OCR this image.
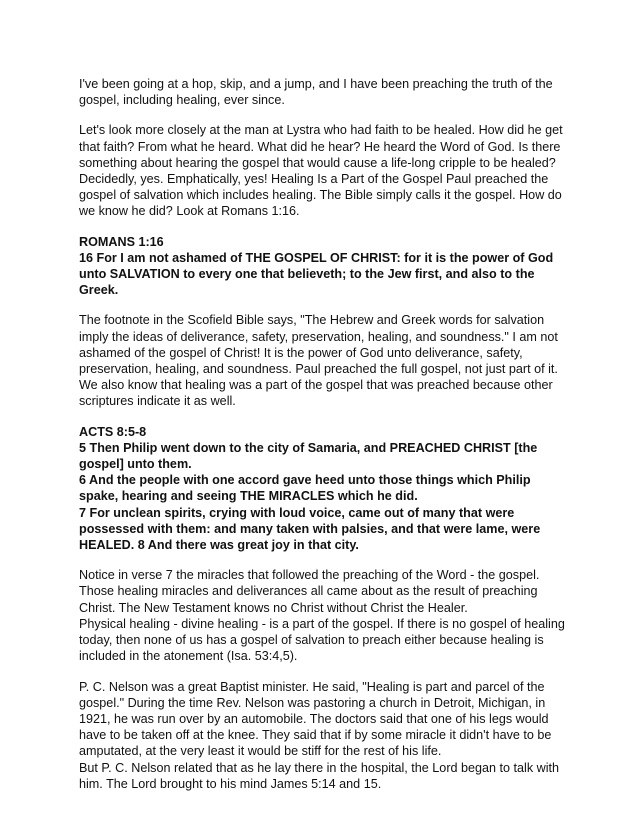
I've been going at a hop, skip, and a jump, and I have been preaching the truth of the gospel, including healing, ever since.

Let's look more closely at the man at Lystra who had faith to be healed. How did he get that faith? From what he heard. What did he hear? He heard the Word of God. Is there something about hearing the gospel that would cause a life-long cripple to be healed? Decidedly, yes. Emphatically, yes! Healing Is a Part of the Gospel Paul preached the gospel of salvation which includes healing. The Bible simply calls it the gospel. How do we know he did? Look at Romans 1:16.

ROMANS 1:16
16 For I am not ashamed of THE GOSPEL OF CHRIST: for it is the power of God unto SALVATION to every one that believeth; to the Jew first, and also to the Greek.

The footnote in the Scofield Bible says, "The Hebrew and Greek words for salvation imply the ideas of deliverance, safety, preservation, healing, and soundness." I am not ashamed of the gospel of Christ! It is the power of God unto deliverance, safety, preservation, healing, and soundness. Paul preached the full gospel, not just part of it. We also know that healing was a part of the gospel that was preached because other scriptures indicate it as well.

ACTS 8:5-8
5 Then Philip went down to the city of Samaria, and PREACHED CHRIST [the gospel] unto them.
6 And the people with one accord gave heed unto those things which Philip spake, hearing and seeing THE MIRACLES which he did.
7 For unclean spirits, crying with loud voice, came out of many that were possessed with them: and many taken with palsies, and that were lame, were HEALED. 8 And there was great joy in that city.
Notice in verse 7 the miracles that followed the preaching of the Word - the gospel. Those healing miracles and deliverances all came about as the result of preaching Christ. The New Testament knows no Christ without Christ the Healer.
Physical healing - divine healing - is a part of the gospel. If there is no gospel of healing today, then none of us has a gospel of salvation to preach either because healing is included in the atonement (Isa. 53:4,5).
P. C. Nelson was a great Baptist minister. He said, "Healing is part and parcel of the gospel." During the time Rev. Nelson was pastoring a church in Detroit, Michigan, in 1921, he was run over by an automobile. The doctors said that one of his legs would have to be taken off at the knee. They said that if by some miracle it didn't have to be amputated, at the very least it would be stiff for the rest of his life.
But P. C. Nelson related that as he lay there in the hospital, the Lord began to talk with him. The Lord brought to his mind James 5:14 and 15.
